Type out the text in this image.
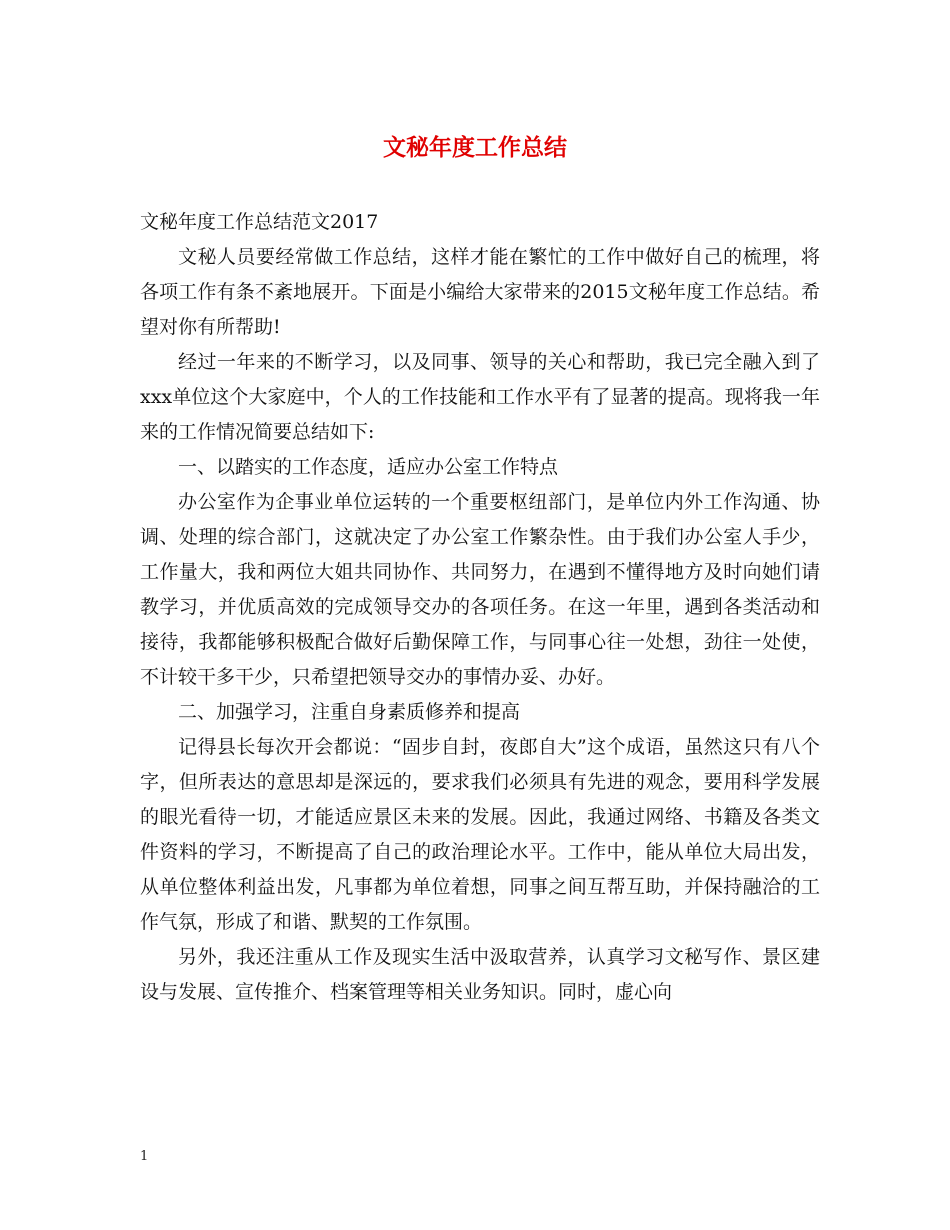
文秘年度工作总结

文秘年度工作总结范文2017

文秘人员要经常做工作总结，这样才能在繁忙的工作中做好自己的梳理，将各项工作有条不紊地展开。下面是小编给大家带来的2015文秘年度工作总结。希望对你有所帮助!

经过一年来的不断学习，以及同事、领导的关心和帮助，我已完全融入到了xxx单位这个大家庭中，个人的工作技能和工作水平有了显著的提高。现将我一年来的工作情况简要总结如下:

一、以踏实的工作态度，适应办公室工作特点

办公室作为企事业单位运转的一个重要枢纽部门，是单位内外工作沟通、协调、处理的综合部门，这就决定了办公室工作繁杂性。由于我们办公室人手少，工作量大，我和两位大姐共同协作、共同努力，在遇到不懂得地方及时向她们请教学习，并优质高效的完成领导交办的各项任务。在这一年里，遇到各类活动和接待，我都能够积极配合做好后勤保障工作，与同事心往一处想，劲往一处使，不计较干多干少，只希望把领导交办的事情办妥、办好。

二、加强学习，注重自身素质修养和提高

记得县长每次开会都说：“固步自封，夜郎自大”这个成语，虽然这只有八个字，但所表达的意思却是深远的，要求我们必须具有先进的观念，要用科学发展的眼光看待一切，才能适应景区未来的发展。因此，我通过网络、书籍及各类文件资料的学习，不断提高了自己的政治理论水平。工作中，能从单位大局出发，从单位整体利益出发，凡事都为单位着想，同事之间互帮互助，并保持融洽的工作气氛，形成了和谐、默契的工作氛围。

另外，我还注重从工作及现实生活中汲取营养，认真学习文秘写作、景区建设与发展、宣传推介、档案管理等相关业务知识。同时，虚心向

1
